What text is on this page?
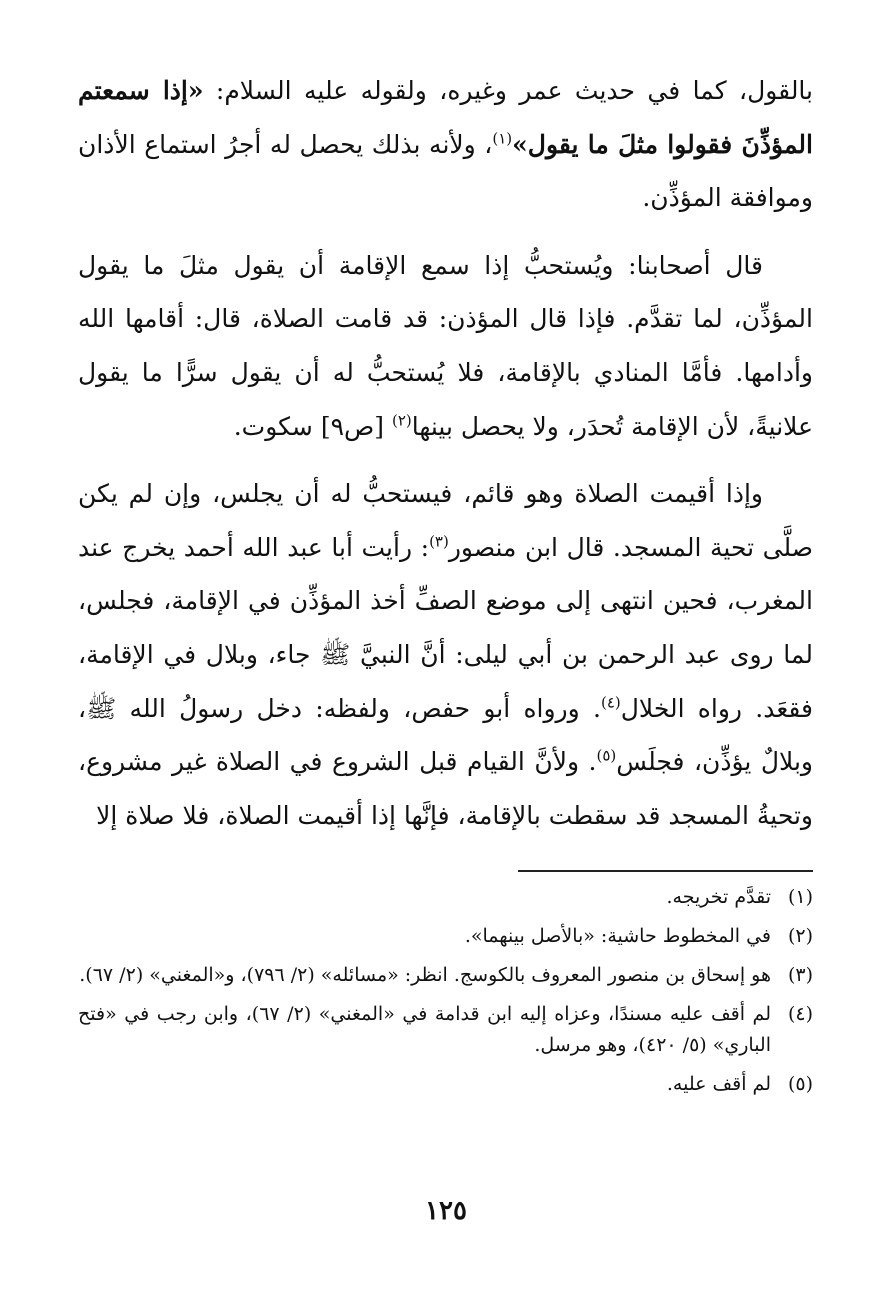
بالقول، كما في حديث عمر وغيره، ولقوله عليه السلام: «إذا سمعتم المؤذِّنَ فقولوا مثلَ ما يقول»$^{(١)}$، ولأنه بذلك يحصل له أجرُ استماع الأذان وموافقة المؤذِّن.

قال أصحابنا: ويُستحبُّ إذا سمع الإقامة أن يقول مثلَ ما يقول المؤذِّن، لما تقدَّم. فإذا قال المؤذن: قد قامت الصلاة، قال: أقامها الله وأدامها. فأمَّا المنادي بالإقامة، فلا يُستحبُّ له أن يقول سرًّا ما يقول علانيةً، لأن الإقامة تُحدَر، ولا يحصل بينها$^{(٢)}$ [ص٩] سكوت.

وإذا أقيمت الصلاة وهو قائم، فيستحبُّ له أن يجلس، وإن لم يكن صلَّى تحية المسجد. قال ابن منصور$^{(٣)}$: رأيت أبا عبد الله أحمد يخرج عند المغرب، فحين انتهى إلى موضع الصفِّ أخذ المؤذِّن في الإقامة، فجلس، لما روى عبد الرحمن بن أبي ليلى: أنَّ النبيَّ ﷺ جاء، وبلال في الإقامة، فقعَد. رواه الخلال$^{(٤)}$. ورواه أبو حفص، ولفظه: دخل رسولُ الله ﷺ، وبلالٌ يؤذِّن، فجلَس$^{(٥)}$. ولأنَّ القيام قبل الشروع في الصلاة غير مشروع، وتحيةُ المسجد قد سقطت بالإقامة، فإنَّها إذا أقيمت الصلاة، فلا صلاة إلا

(١)
تقدَّم تخريجه.
(٢)
في المخطوط حاشية: «بالأصل بينهما».
(٣)
هو إسحاق بن منصور المعروف بالكوسج. انظر: «مسائله» (٢/ ٧٩٦)، و«المغني» (٢/ ٦٧).
(٤)
لم أقف عليه مسندًا، وعزاه إليه ابن قدامة في «المغني» (٢/ ٦٧)، وابن رجب في «فتح الباري» (٥/ ٤٢٠)، وهو مرسل.
(٥)
لم أقف عليه.
١٢٥
